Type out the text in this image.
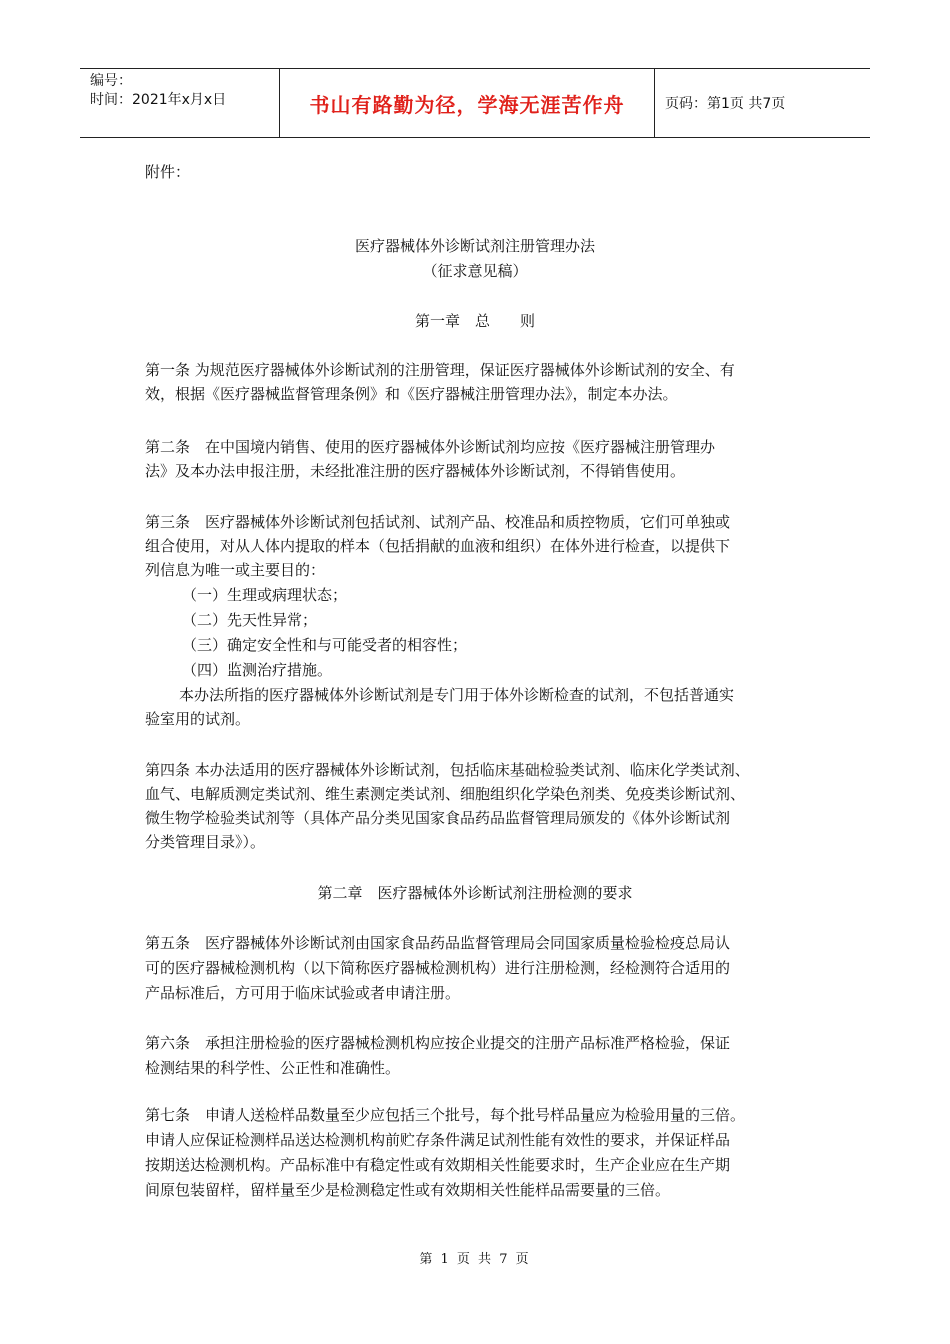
编号：
时间：2021年x月x日	书山有路勤为径，学海无涯苦作舟	页码：第1页 共7页
附件：
医疗器械体外诊断试剂注册管理办法
（征求意见稿）
第一章　总　　则
第一条 为规范医疗器械体外诊断试剂的注册管理，保证医疗器械体外诊断试剂的安全、有
效，根据《医疗器械监督管理条例》和《医疗器械注册管理办法》，制定本办法。
第二条　在中国境内销售、使用的医疗器械体外诊断试剂均应按《医疗器械注册管理办
法》及本办法申报注册，未经批准注册的医疗器械体外诊断试剂，不得销售使用。
第三条　医疗器械体外诊断试剂包括试剂、试剂产品、校准品和质控物质，它们可单独或
组合使用，对从人体内提取的样本（包括捐献的血液和组织）在体外进行检查，以提供下
列信息为唯一或主要目的：
（一）生理或病理状态；
（二）先天性异常；
（三）确定安全性和与可能受者的相容性；
（四）监测治疗措施。
本办法所指的医疗器械体外诊断试剂是专门用于体外诊断检查的试剂，不包括普通实
验室用的试剂。
第四条 本办法适用的医疗器械体外诊断试剂，包括临床基础检验类试剂、临床化学类试剂、
血气、电解质测定类试剂、维生素测定类试剂、细胞组织化学染色剂类、免疫类诊断试剂、
微生物学检验类试剂等（具体产品分类见国家食品药品监督管理局颁发的《体外诊断试剂
分类管理目录》）。
第二章　医疗器械体外诊断试剂注册检测的要求
第五条　医疗器械体外诊断试剂由国家食品药品监督管理局会同国家质量检验检疫总局认
可的医疗器械检测机构（以下简称医疗器械检测机构）进行注册检测，经检测符合适用的
产品标准后，方可用于临床试验或者申请注册。
第六条　承担注册检验的医疗器械检测机构应按企业提交的注册产品标准严格检验，保证
检测结果的科学性、公正性和准确性。
第七条　申请人送检样品数量至少应包括三个批号，每个批号样品量应为检验用量的三倍。
申请人应保证检测样品送达检测机构前贮存条件满足试剂性能有效性的要求，并保证样品
按期送达检测机构。产品标准中有稳定性或有效期相关性能要求时，生产企业应在生产期
间原包装留样，留样量至少是检测稳定性或有效期相关性能样品需要量的三倍。
第 1 页 共 7 页
